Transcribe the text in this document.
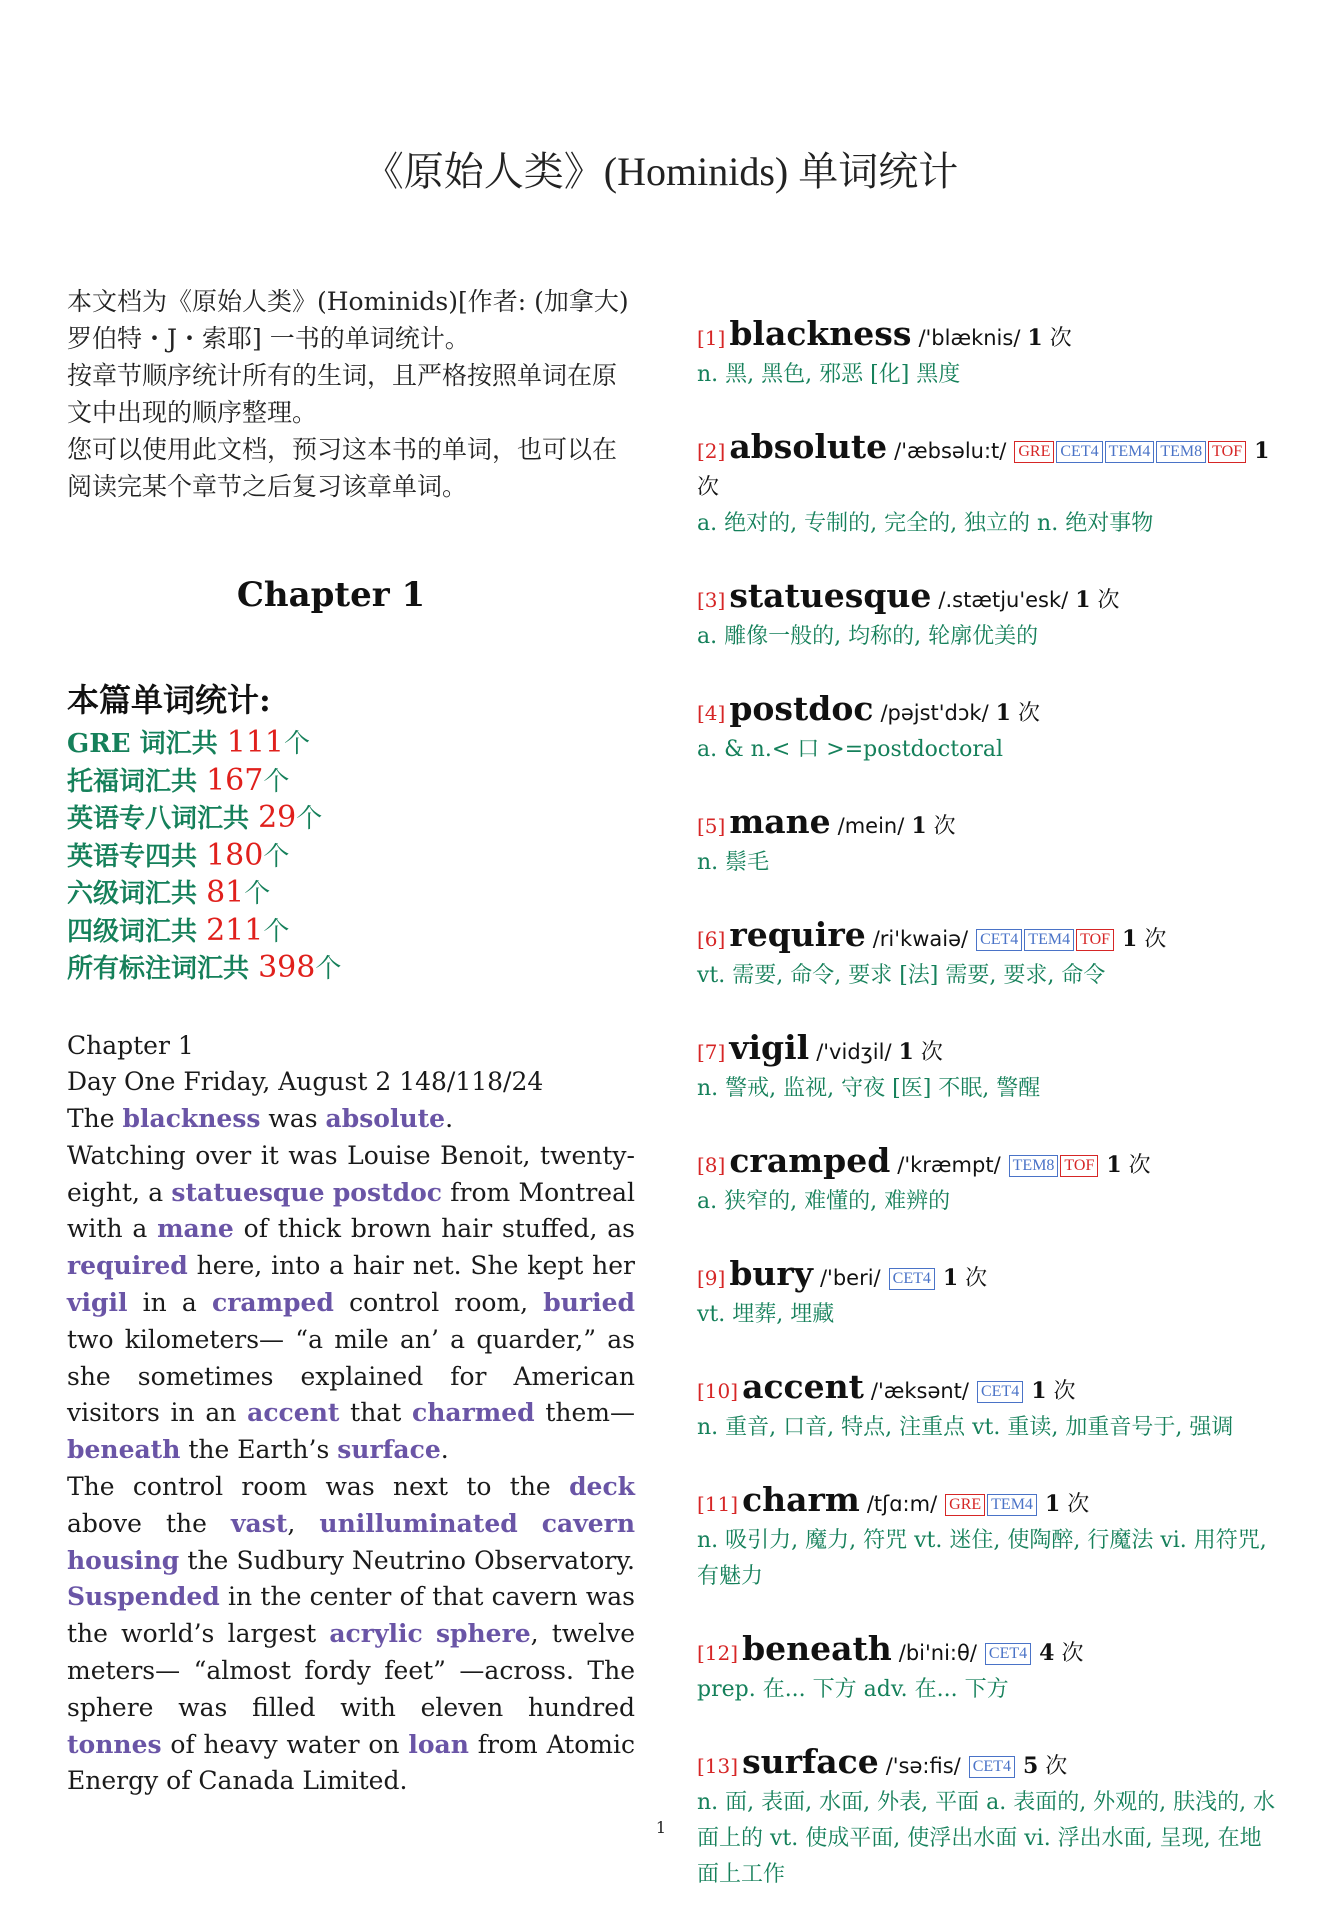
《原始人类》(Hominids) 单词统计

本文档为《原始人类》(Hominids)[作者: (加拿大) 罗伯特・J・索耶] 一书的单词统计。

按章节顺序统计所有的生词，且严格按照单词在原文中出现的顺序整理。

您可以使用此文档，预习这本书的单词，也可以在阅读完某个章节之后复习该章单词。

Chapter 1
本篇单词统计:
GRE 词汇共 111个
托福词汇共 167个
英语专八词汇共 29个
英语专四共 180个
六级词汇共 81个
四级词汇共 211个
所有标注词汇共 398个
Chapter 1
Day One Friday, August 2 148/118/24
The blackness was absolute.
Watching over it was Louise Benoit, twenty-eight, a statuesque postdoc from Montreal with a mane of thick brown hair stuffed, as required here, into a hair net. She kept her vigil in a cramped control room, buried two kilometers— “a mile an’ a quarder,” as she sometimes explained for American visitors in an accent that charmed them—beneath the Earth’s surface.
The control room was next to the deck above the vast, unilluminated cavern housing the Sudbury Neutrino Observatory. Suspended in the center of that cavern was the world’s largest acrylic sphere, twelve meters— “almost fordy feet” —across. The sphere was filled with eleven hundred tonnes of heavy water on loan from Atomic Energy of Canada Limited.
[1] blackness /'blæknis/ 1 次
n. 黑, 黑色, 邪恶 [化] 黑度
[2] absolute /'æbsəlu:t/ GRE CET4 TEM4 TEM8 TOF 1 次
a. 绝对的, 专制的, 完全的, 独立的 n. 绝对事物
[3] statuesque /.stætju'esk/ 1 次
a. 雕像一般的, 均称的, 轮廓优美的
[4] postdoc /pəjst'dɔk/ 1 次
a. & n.< 口 >=postdoctoral
[5] mane /mein/ 1 次
n. 鬃毛
[6] require /ri'kwaiə/ CET4 TEM4 TOF 1 次
vt. 需要, 命令, 要求 [法] 需要, 要求, 命令
[7] vigil /'vidʒil/ 1 次
n. 警戒, 监视, 守夜 [医] 不眠, 警醒
[8] cramped /'kræmpt/ TEM8 TOF 1 次
a. 狭窄的, 难懂的, 难辨的
[9] bury /'beri/ CET4 1 次
vt. 埋葬, 埋藏
[10] accent /'æksənt/ CET4 1 次
n. 重音, 口音, 特点, 注重点 vt. 重读, 加重音号于, 强调
[11] charm /tʃɑ:m/ GRE TEM4 1 次
n. 吸引力, 魔力, 符咒 vt. 迷住, 使陶醉, 行魔法 vi. 用符咒, 有魅力
[12] beneath /bi'ni:θ/ CET4 4 次
prep. 在... 下方 adv. 在... 下方
[13] surface /'sə:fis/ CET4 5 次
n. 面, 表面, 水面, 外表, 平面 a. 表面的, 外观的, 肤浅的, 水面上的 vt. 使成平面, 使浮出水面 vi. 浮出水面, 呈现, 在地面上工作
1
